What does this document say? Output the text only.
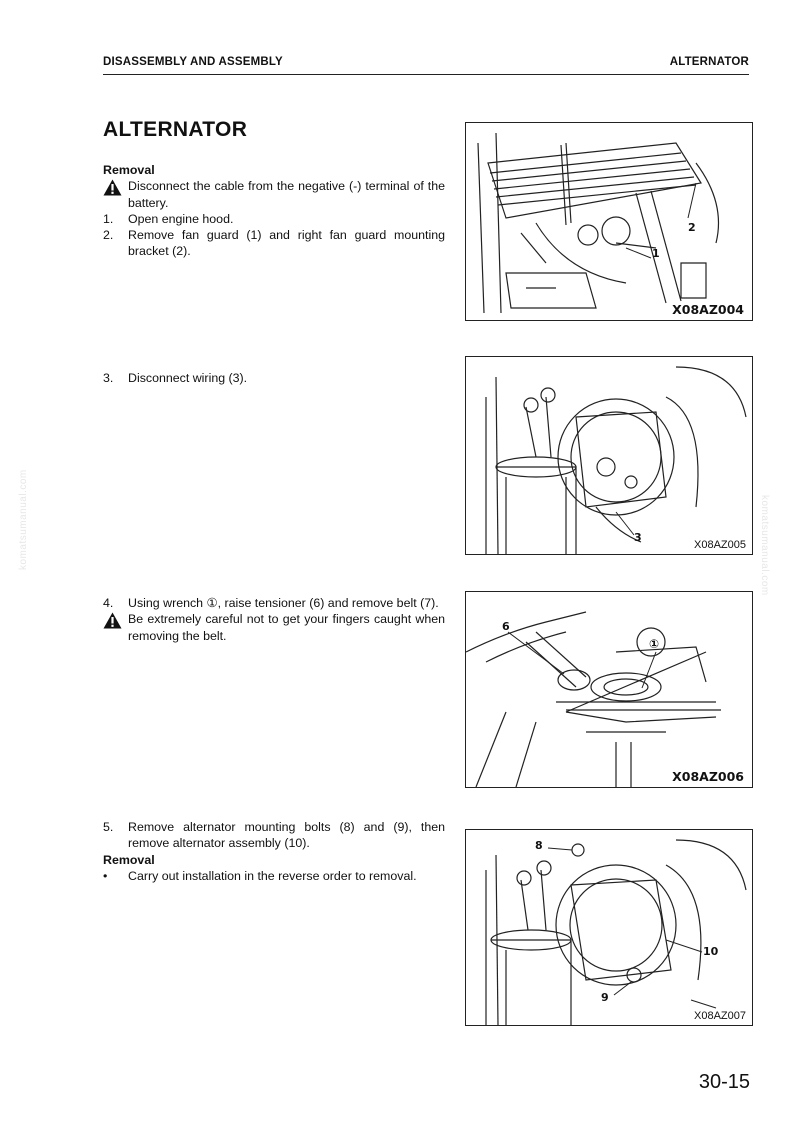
DISASSEMBLY AND ASSEMBLY	ALTERNATOR
ALTERNATOR
Removal
Disconnect the cable from the negative (-) terminal of the battery.
1. Open engine hood.
2. Remove fan guard (1) and right fan guard mounting bracket (2).
3. Disconnect wiring (3).
4. Using wrench ①, raise tensioner (6) and remove belt (7).
Be extremely careful not to get your fingers caught when removing the belt.
5. Remove alternator mounting bolts (8) and (9), then remove alternator assembly (10).
Removal
• Carry out installation in the reverse order to removal.
1
2
X08AZ004
3
X08AZ005
6
①
X08AZ006
8
10
9
X08AZ007
komatsumanual.com	komatsumanual.com
30-15
